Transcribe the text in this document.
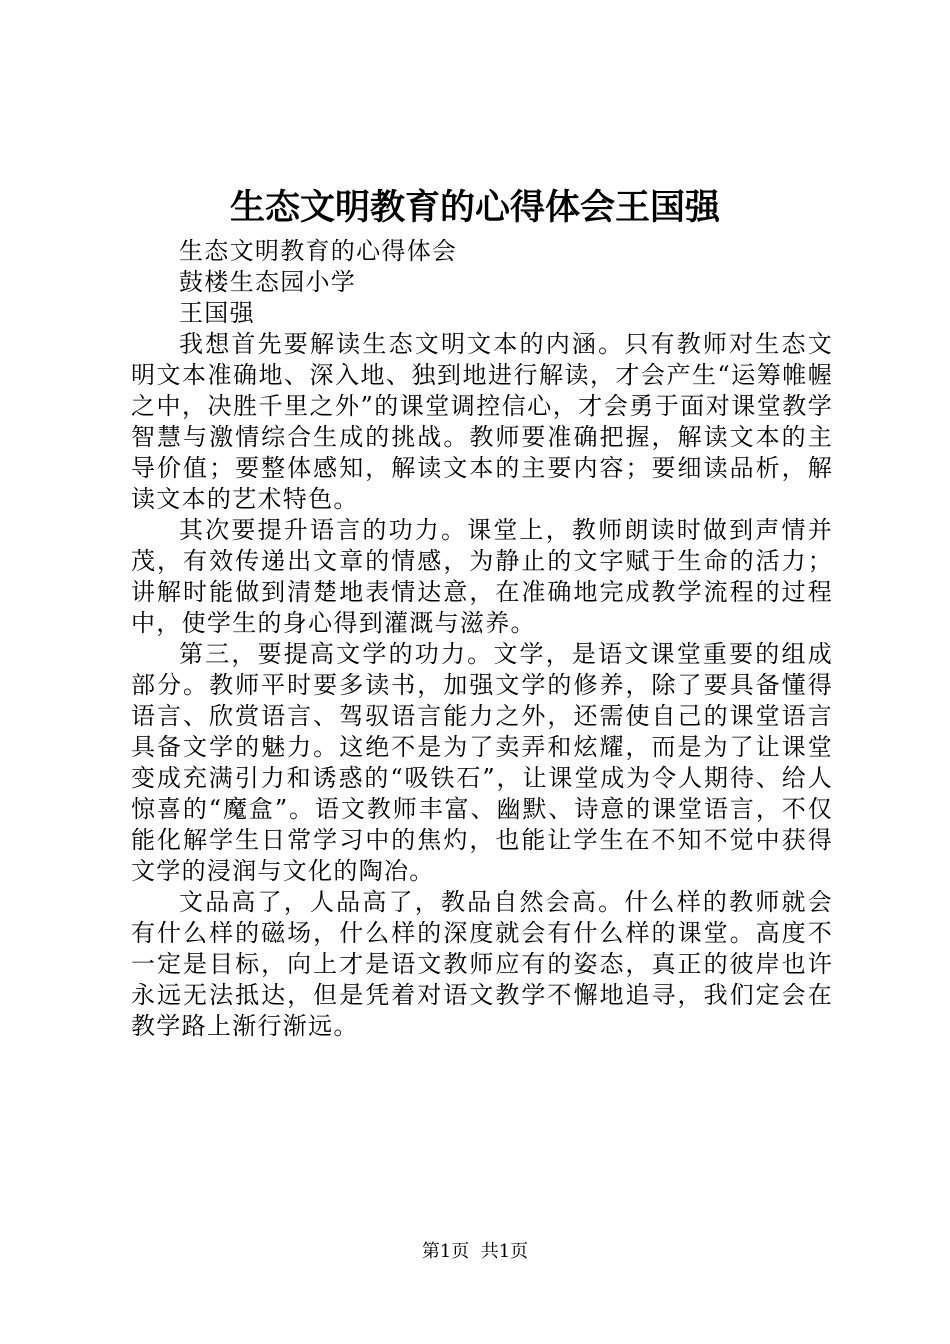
生态文明教育的心得体会王国强

生态文明教育的心得体会

鼓楼生态园小学

王国强

我想首先要解读生态文明文本的内涵。只有教师对生态文明文本准确地、深入地、独到地进行解读，才会产生“运筹帷幄之中，决胜千里之外”的课堂调控信心，才会勇于面对课堂教学智慧与激情综合生成的挑战。教师要准确把握，解读文本的主导价值；要整体感知，解读文本的主要内容；要细读品析，解读文本的艺术特色。

其次要提升语言的功力。课堂上，教师朗读时做到声情并茂，有效传递出文章的情感，为静止的文字赋于生命的活力；讲解时能做到清楚地表情达意，在准确地完成教学流程的过程中，使学生的身心得到灌溉与滋养。

第三，要提高文学的功力。文学，是语文课堂重要的组成部分。教师平时要多读书，加强文学的修养，除了要具备懂得语言、欣赏语言、驾驭语言能力之外，还需使自己的课堂语言具备文学的魅力。这绝不是为了卖弄和炫耀，而是为了让课堂变成充满引力和诱惑的“吸铁石”，让课堂成为令人期待、给人惊喜的“魔盒”。语文教师丰富、幽默、诗意的课堂语言，不仅能化解学生日常学习中的焦灼，也能让学生在不知不觉中获得文学的浸润与文化的陶冶。

文品高了，人品高了，教品自然会高。什么样的教师就会有什么样的磁场，什么样的深度就会有什么样的课堂。高度不一定是目标，向上才是语文教师应有的姿态，真正的彼岸也许永远无法抵达，但是凭着对语文教学不懈地追寻，我们定会在教学路上渐行渐远。

第1页  共1页
